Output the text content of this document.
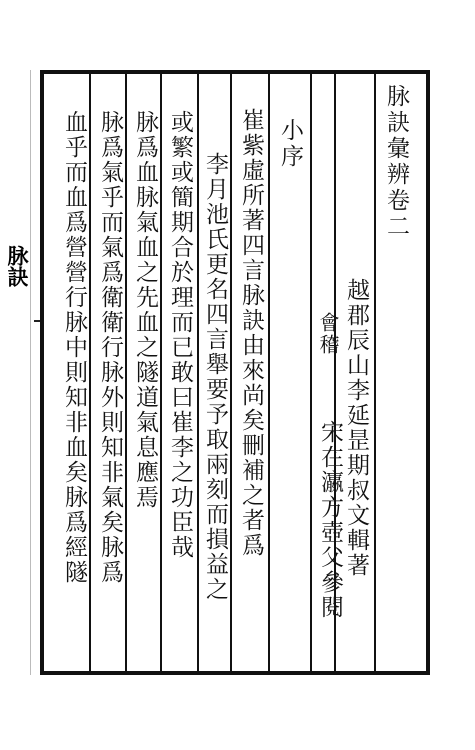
脉訣
脉訣彙辨卷二
越郡辰山李延昰期叔文輯著
會稽
宋在瀛方壺父參閱
小序
崔紫虛所著四言脉訣由來尚矣刪補之者爲
李月池氏更名四言舉要予取兩刻而損益之
或繁或簡期合於理而已敢曰崔李之功臣哉
脉爲血脉氣血之先血之隧道氣息應焉
脉爲氣乎而氣爲衛衛行脉外則知非氣矣脉爲
血乎而血爲營營行脉中則知非血矣脉爲經隧
